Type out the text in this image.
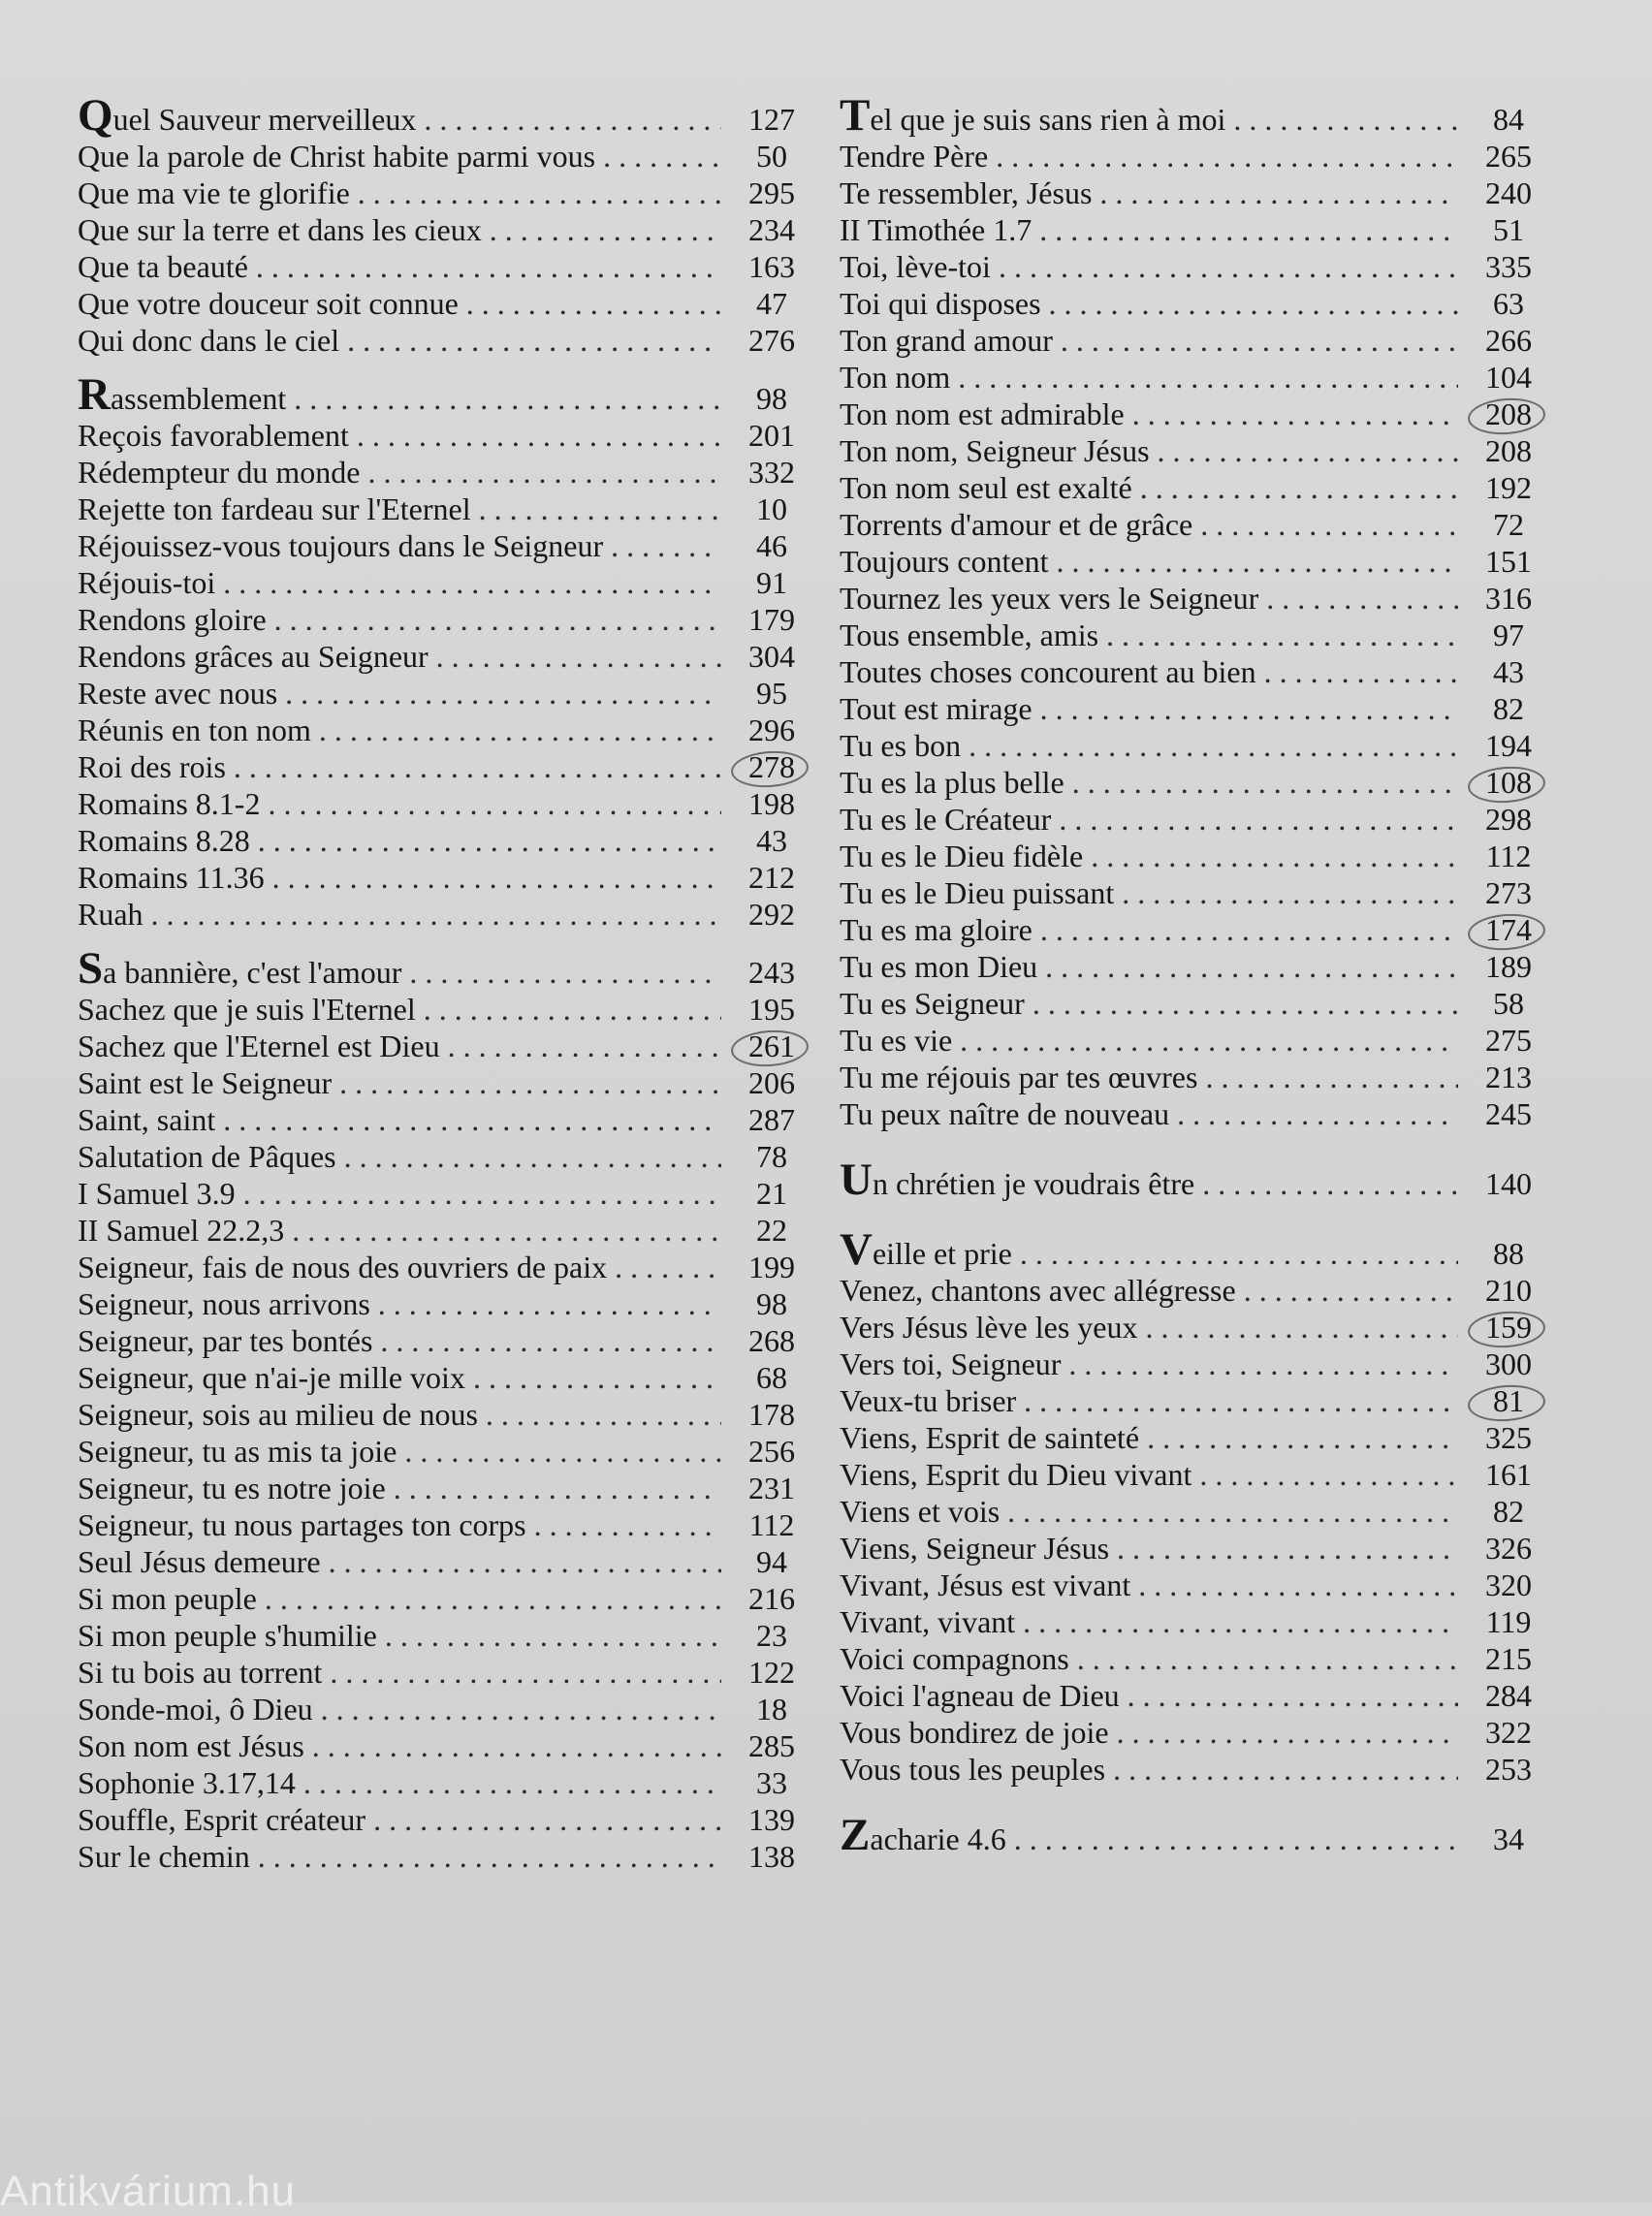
Quel Sauveur merveilleux . . .	127
Que la parole de Christ habite parmi vous . . .	50
Que ma vie te glorifie . . .	295
Que sur la terre et dans les cieux . . .	234
Que ta beauté . . .	163
Que votre douceur soit connue . . .	47
Qui donc dans le ciel . . .	276
Rassemblement . . .	98
Reçois favorablement . . .	201
Rédempteur du monde . . .	332
Rejette ton fardeau sur l'Eternel . . .	10
Réjouissez-vous toujours dans le Seigneur . . .	46
Réjouis-toi . . .	91
Rendons gloire . . .	179
Rendons grâces au Seigneur . . .	304
Reste avec nous . . .	95
Réunis en ton nom . . .	296
Roi des rois . . .	278
Romains 8.1-2 . . .	198
Romains 8.28 . . .	43
Romains 11.36 . . .	212
Ruah . . .	292
Sa bannière, c'est l'amour . . .	243
Sachez que je suis l'Eternel . . .	195
Sachez que l'Eternel est Dieu . . .	261
Saint est le Seigneur . . .	206
Saint, saint . . .	287
Salutation de Pâques . . .	78
I Samuel 3.9 . . .	21
II Samuel 22.2,3 . . .	22
Seigneur, fais de nous des ouvriers de paix . . .	199
Seigneur, nous arrivons . . .	98
Seigneur, par tes bontés . . .	268
Seigneur, que n'ai-je mille voix . . .	68
Seigneur, sois au milieu de nous . . .	178
Seigneur, tu as mis ta joie . . .	256
Seigneur, tu es notre joie . . .	231
Seigneur, tu nous partages ton corps . . .	112
Seul Jésus demeure . . .	94
Si mon peuple . . .	216
Si mon peuple s'humilie . . .	23
Si tu bois au torrent . . .	122
Sonde-moi, ô Dieu . . .	18
Son nom est Jésus . . .	285
Sophonie 3.17,14 . . .	33
Souffle, Esprit créateur . . .	139
Sur le chemin . . .	138
Tel que je suis sans rien à moi . . .	84
Tendre Père . . .	265
Te ressembler, Jésus . . .	240
II Timothée 1.7 . . .	51
Toi, lève-toi . . .	335
Toi qui disposes . . .	63
Ton grand amour . . .	266
Ton nom . . .	104
Ton nom est admirable . . .	208
Ton nom, Seigneur Jésus . . .	208
Ton nom seul est exalté . . .	192
Torrents d'amour et de grâce . . .	72
Toujours content . . .	151
Tournez les yeux vers le Seigneur . . .	316
Tous ensemble, amis . . .	97
Toutes choses concourent au bien . . .	43
Tout est mirage . . .	82
Tu es bon . . .	194
Tu es la plus belle . . .	108
Tu es le Créateur . . .	298
Tu es le Dieu fidèle . . .	112
Tu es le Dieu puissant . . .	273
Tu es ma gloire . . .	174
Tu es mon Dieu . . .	189
Tu es Seigneur . . .	58
Tu es vie . . .	275
Tu me réjouis par tes œuvres . . .	213
Tu peux naître de nouveau . . .	245
Un chrétien je voudrais être . . .	140
Veille et prie . . .	88
Venez, chantons avec allégresse . . .	210
Vers Jésus lève les yeux . . .	159
Vers toi, Seigneur . . .	300
Veux-tu briser . . .	81
Viens, Esprit de sainteté . . .	325
Viens, Esprit du Dieu vivant . . .	161
Viens et vois . . .	82
Viens, Seigneur Jésus . . .	326
Vivant, Jésus est vivant . . .	320
Vivant, vivant . . .	119
Voici compagnons . . .	215
Voici l'agneau de Dieu . . .	284
Vous bondirez de joie . . .	322
Vous tous les peuples . . .	253
Zacharie 4.6 . . .	34
Antikvárium.hu
